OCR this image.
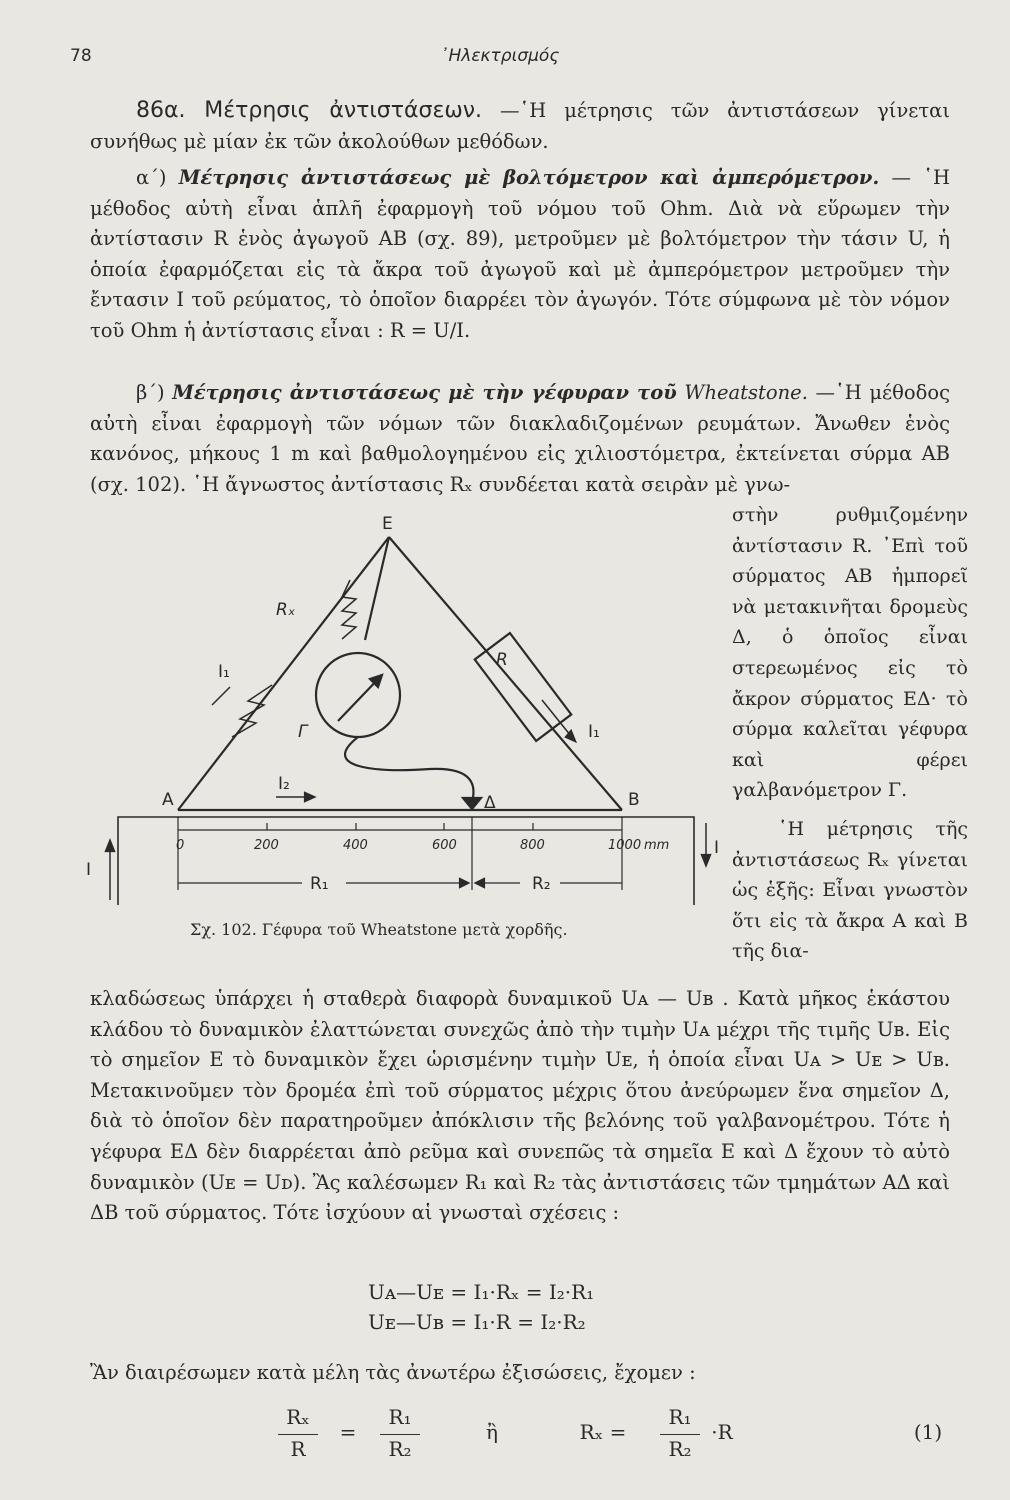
78	᾿Ηλεκτρισμός

86α. Μέτρησις ἀντιστάσεων. —῾Η μέτρησις τῶν ἀντιστάσεων γίνεται συνήθως μὲ μίαν ἐκ τῶν ἀκολούθων μεθόδων.

α΄) Μέτρησις ἀντιστάσεως μὲ βολτόμετρον καὶ ἀμπερόμετρον. — ῾Η μέθοδος αὐτὴ εἶναι ἁπλῆ ἐφαρμογὴ τοῦ νόμου τοῦ Ohm. Διὰ νὰ εὕρωμεν τὴν ἀντίστασιν R ἑνὸς ἀγωγοῦ ΑΒ (σχ. 89), μετροῦμεν μὲ βολτόμετρον τὴν τάσιν U, ἡ ὁποία ἐφαρμόζεται εἰς τὰ ἄκρα τοῦ ἀγωγοῦ καὶ μὲ ἀμπερόμετρον μετροῦμεν τὴν ἔντασιν Ι τοῦ ρεύματος, τὸ ὁποῖον διαρρέει τὸν ἀγωγόν. Τότε σύμφωνα μὲ τὸν νόμον τοῦ Ohm ἡ ἀντίστασις εἶναι : R = U/I.

β΄) Μέτρησις ἀντιστάσεως μὲ τὴν γέφυραν τοῦ Wheatstone. —῾Η μέθοδος αὐτὴ εἶναι ἐφαρμογὴ τῶν νόμων τῶν διακλαδιζομένων ρευμάτων. Ἄνωθεν ἑνὸς κανόνος, μήκους 1 m καὶ βαθμολογημένου εἰς χιλιοστόμετρα, ἐκτείνεται σύρμα ΑΒ (σχ. 102). ῾Η ἄγνωστος ἀντίστασις Rₓ συνδέεται κατὰ σειρὰν μὲ γνω-

στὴν ρυθμιζομένην ἀντίστασιν R. ᾿Επὶ τοῦ σύρματος ΑΒ ἠμπορεῖ νὰ μετακινῆται δρομεὺς Δ, ὁ ὁποῖος εἶναι στερεωμένος εἰς τὸ ἄκρον σύρματος ΕΔ· τὸ σύρμα καλεῖται γέφυρα καὶ φέρει γαλβανόμετρον Γ.

῾Η μέτρησις τῆς ἀντιστάσεως Rₓ γίνεται ὡς ἑξῆς: Εἶναι γνωστὸν ὅτι εἰς τὰ ἄκρα Α καὶ Β τῆς δια-

E
A	B
Δ
Γ
R
Rₓ
I₁
I₁
I₂
I
I
R₁	R₂
0	200	400	600	800	1000 mm
Σχ. 102. Γέφυρα τοῦ Wheatstone μετὰ χορδῆς.

κλαδώσεως ὑπάρχει ἡ σταθερὰ διαφορὰ δυναμικοῦ Uᴀ — Uʙ . Κατὰ μῆκος ἑκάστου κλάδου τὸ δυναμικὸν ἐλαττώνεται συνεχῶς ἀπὸ τὴν τιμὴν Uᴀ μέχρι τῆς τιμῆς Uʙ. Εἰς τὸ σημεῖον Ε τὸ δυναμικὸν ἔχει ὡρισμένην τιμὴν Uᴇ, ἡ ὁποία εἶναι Uᴀ > Uᴇ > Uʙ. Μετακινοῦμεν τὸν δρομέα ἐπὶ τοῦ σύρματος μέχρις ὅτου ἀνεύρωμεν ἕνα σημεῖον Δ, διὰ τὸ ὁποῖον δὲν παρατηροῦμεν ἀπόκλισιν τῆς βελόνης τοῦ γαλβανομέτρου. Τότε ἡ γέφυρα ΕΔ δὲν διαρρέεται ἀπὸ ρεῦμα καὶ συνεπῶς τὰ σημεῖα Ε καὶ Δ ἔχουν τὸ αὐτὸ δυναμικὸν (Uᴇ = Uᴅ). Ἂς καλέσωμεν R₁ καὶ R₂ τὰς ἀντιστάσεις τῶν τμημάτων ΑΔ καὶ ΔΒ τοῦ σύρματος. Τότε ἰσχύουν αἱ γνωσταὶ σχέσεις :

Uᴀ—Uᴇ = I₁·Rₓ = I₂·R₁
Uᴇ—Uʙ = I₁·R = I₂·R₂

Ἂν διαιρέσωμεν κατὰ μέλη τὰς ἀνωτέρω ἐξισώσεις, ἔχομεν :

Rₓ
R
=
R₁
R₂
ἢ	Rₓ =
R₁
R₂
·R	(1)
